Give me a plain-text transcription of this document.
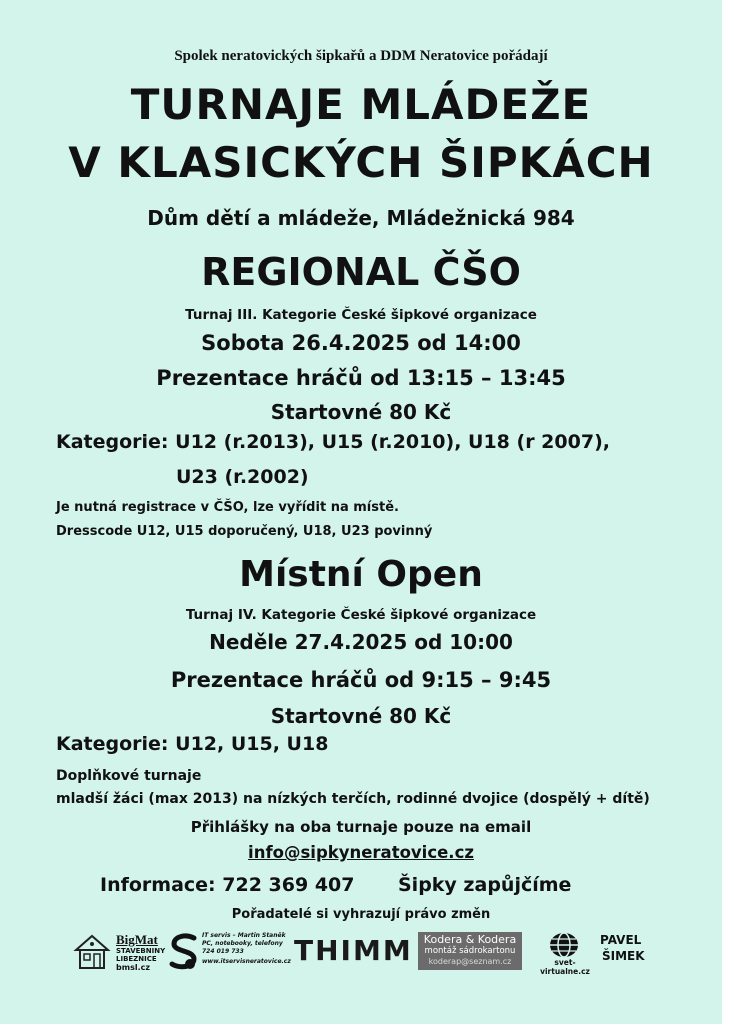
Spolek neratovických šipkařů a DDM Neratovice pořádají
TURNAJE MLÁDEŽE
V KLASICKÝCH ŠIPKÁCH
Dům dětí a mládeže, Mládežnická 984
REGIONAL ČŠO
Turnaj III. Kategorie České šipkové organizace
Sobota 26.4.2025 od 14:00
Prezentace hráčů od 13:15 – 13:45
Startovné 80 Kč
Kategorie: U12 (r.2013), U15 (r.2010), U18 (r 2007),
U23 (r.2002)
Je nutná registrace v ČŠO, lze vyřídit na místě.
Dresscode U12, U15 doporučený, U18, U23 povinný
Místní Open
Turnaj IV. Kategorie České šipkové organizace
Neděle 27.4.2025 od 10:00
Prezentace hráčů od 9:15 – 9:45
Startovné 80 Kč
Kategorie: U12, U15, U18
Doplňkové turnaje
mladší žáci (max 2013) na nízkých terčích, rodinné dvojice (dospělý + dítě)
Přihlášky na oba turnaje pouze na email
info@sipkyneratovice.cz
Informace: 722 369 407 Šipky zapůjčíme
Pořadatelé si vyhrazují právo změn
BigMat
STAVEBNINY
LIBEZNICE
bmsl.cz
IT servis – Martin Staněk
PC, notebooky, telefony
724 019 733
www.itservisneratovice.cz THIMM	Kodera & Kodera
montáž sádrokartonu
koderap@seznam.cz	svet-virtualne.cz
PAVEL
ŠIMEK
